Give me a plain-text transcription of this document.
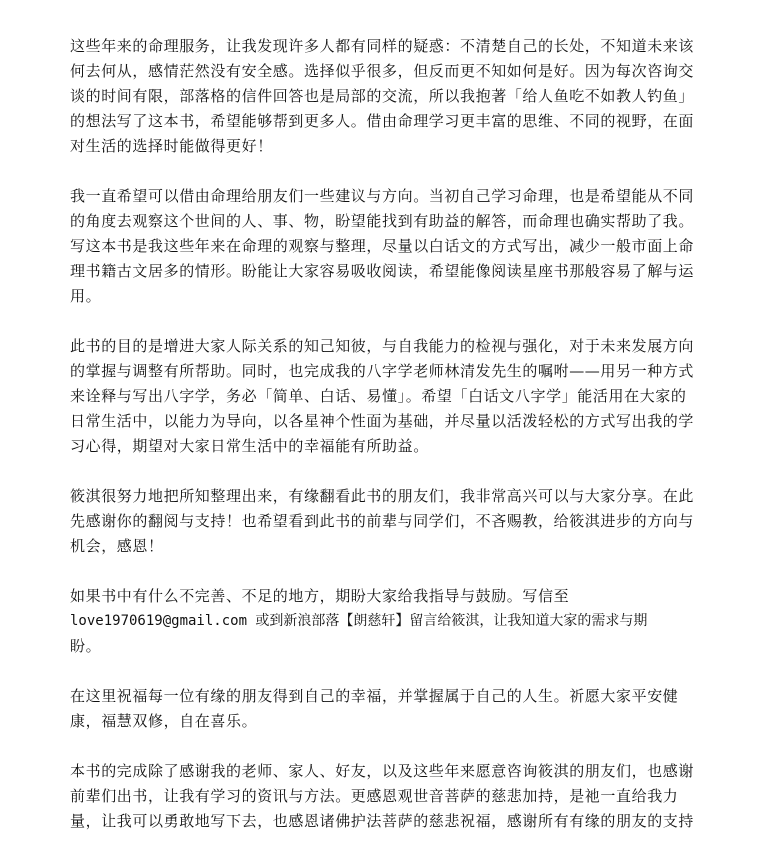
这些年来的命理服务，让我发现许多人都有同样的疑惑：不清楚自己的长处，不知道未来该
何去何从，感情茫然没有安全感。选择似乎很多，但反而更不知如何是好。因为每次咨询交
谈的时间有限，部落格的信件回答也是局部的交流，所以我抱著「给人鱼吃不如教人钓鱼」
的想法写了这本书，希望能够帮到更多人。借由命理学习更丰富的思维、不同的视野，在面
对生活的选择时能做得更好！

我一直希望可以借由命理给朋友们一些建议与方向。当初自己学习命理，也是希望能从不同
的角度去观察这个世间的人、事、物，盼望能找到有助益的解答，而命理也确实帮助了我。
写这本书是我这些年来在命理的观察与整理，尽量以白话文的方式写出，减少一般市面上命
理书籍古文居多的情形。盼能让大家容易吸收阅读，希望能像阅读星座书那般容易了解与运
用。

此书的目的是增进大家人际关系的知己知彼，与自我能力的检视与强化，对于未来发展方向
的掌握与调整有所帮助。同时，也完成我的八字学老师林清发先生的嘱咐——用另一种方式
来诠释与写出八字学，务必「简单、白话、易懂」。希望「白话文八字学」能活用在大家的
日常生活中，以能力为导向，以各星神个性面为基础，并尽量以活泼轻松的方式写出我的学
习心得，期望对大家日常生活中的幸福能有所助益。

筱淇很努力地把所知整理出来，有缘翻看此书的朋友们，我非常高兴可以与大家分享。在此
先感谢你的翻阅与支持！也希望看到此书的前辈与同学们，不吝赐教，给筱淇进步的方向与
机会，感恩！

如果书中有什么不完善、不足的地方，期盼大家给我指导与鼓励。写信至
love1970619@gmail.com 或到新浪部落【朗慈轩】留言给筱淇，让我知道大家的需求与期
盼。

在这里祝福每一位有缘的朋友得到自己的幸福，并掌握属于自己的人生。祈愿大家平安健
康，福慧双修，自在喜乐。

本书的完成除了感谢我的老师、家人、好友，以及这些年来愿意咨询筱淇的朋友们，也感谢
前辈们出书，让我有学习的资讯与方法。更感恩观世音菩萨的慈悲加持，是祂一直给我力
量，让我可以勇敢地写下去，也感恩诸佛护法菩萨的慈悲祝福，感谢所有有缘的朋友的支持
